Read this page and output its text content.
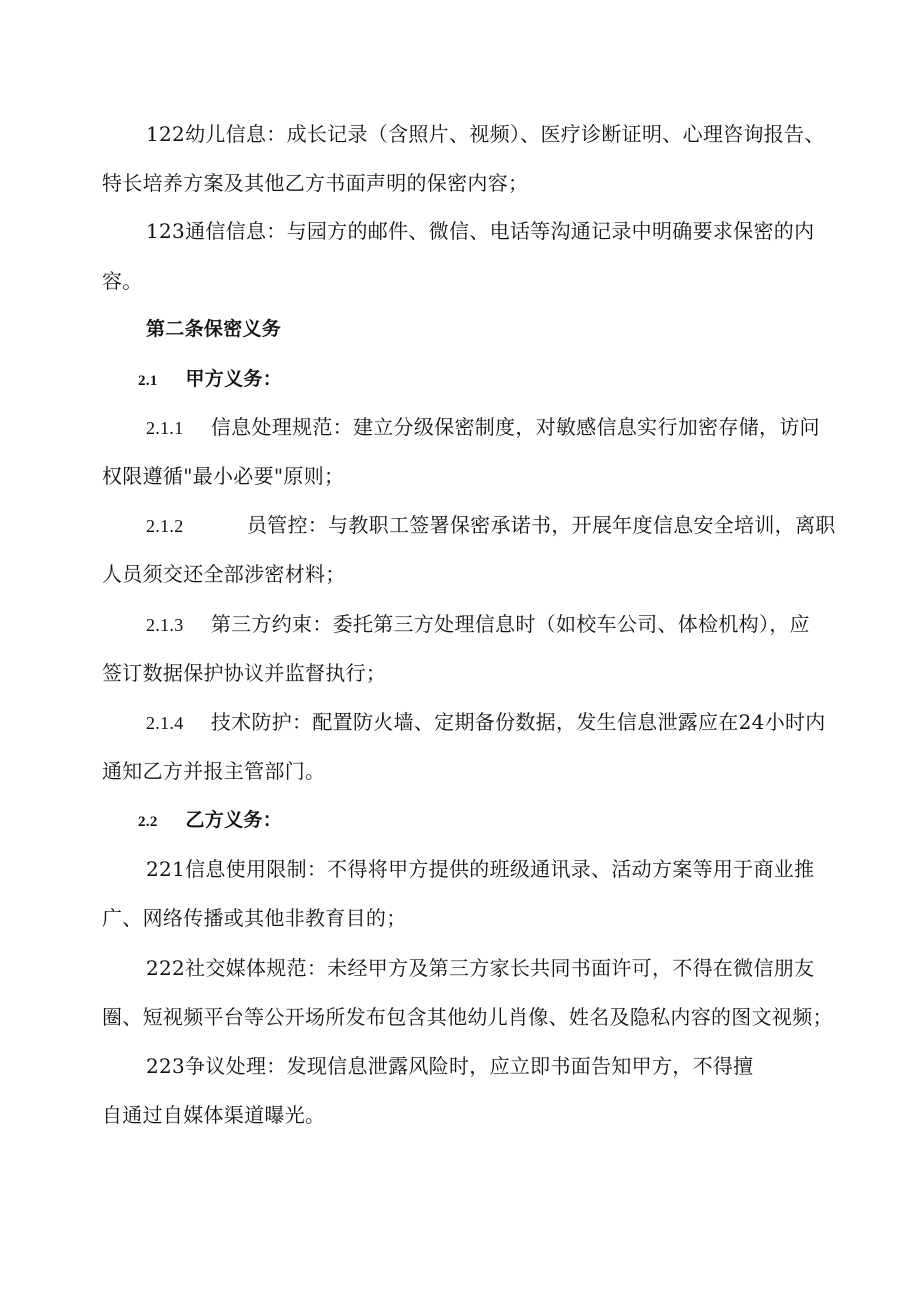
122幼儿信息：成长记录（含照片、视频）、医疗诊断证明、心理咨询报告、
特长培养方案及其他乙方书面声明的保密内容；
123通信信息：与园方的邮件、微信、电话等沟通记录中明确要求保密的内
容。
第二条保密义务
2.1 甲方义务：
2.1.1 信息处理规范：建立分级保密制度，对敏感信息实行加密存储，访问
权限遵循"最小必要"原则；
2.1.2	员管控：与教职工签署保密承诺书，开展年度信息安全培训，离职
人员须交还全部涉密材料；
2.1.3 第三方约束：委托第三方处理信息时（如校车公司、体检机构），应
签订数据保护协议并监督执行；
2.1.4 技术防护：配置防火墙、定期备份数据，发生信息泄露应在24小时内
通知乙方并报主管部门。
2.2 乙方义务：
221信息使用限制：不得将甲方提供的班级通讯录、活动方案等用于商业推
广、网络传播或其他非教育目的；
222社交媒体规范：未经甲方及第三方家长共同书面许可，不得在微信朋友
圈、短视频平台等公开场所发布包含其他幼儿肖像、姓名及隐私内容的图文视频；
223争议处理：发现信息泄露风险时，应立即书面告知甲方，不得擅
自通过自媒体渠道曝光。
